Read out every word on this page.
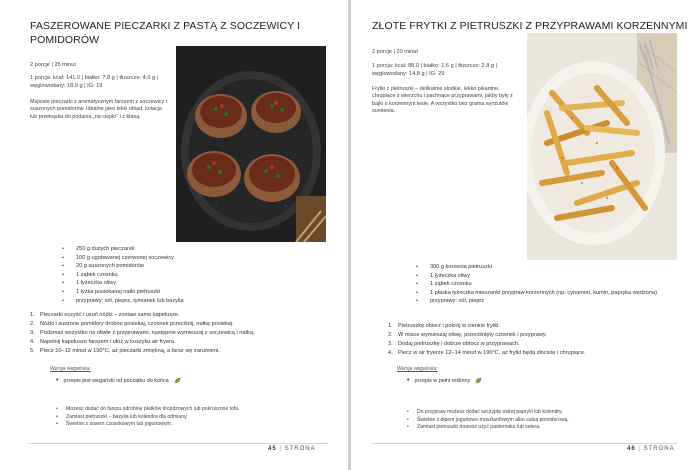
FASZEROWANE PIECZARKI Z PASTĄ Z SOCZEWICY I POMIDORÓW
2 porcje | 25 minut
1 porcja: kcal: 141.0 | białko: 7.8 g | tłuszcze: 4.0 g | węglowodany: 18.9 g | IG: 19
Mięsiste pieczarki z aromatycznym farszem z soczewicy i suszonych pomidorów. Idealne jako lekki obiad, kolacja lub przekąska do podania „na ciepło” i z klasą.
• 250 g dużych pieczarek
• 100 g ugotowanej czerwonej soczewicy
• 20 g suszonych pomidorów
• 1 ząbek czosnku
• 1 łyżeczka oliwy
• 1 łyżka posiekanej natki pietruszki
• przyprawy: sól, pieprz, tymianek lub bazylia
1. Pieczarki oczyść i usuń nóżki – zostaw same kapelusze.
2. Nóżki i suszone pomidory drobno posiekaj, czosnek przeciśnij, natkę posiekaj.
3. Podsmaż wszystko na oliwie z przyprawami, następnie wymieszaj z soczewicą i natką.
4. Napełnij kapelusze farszem i ułóż w koszyku air fryera.
5. Piecz 10–12 minut w 190°C, aż pieczarki zmiękną, a farsz się zarumieni.
Wersja wegańska:
• przepis jest wegański od początku do końca
• Możesz dodać do farszu odrobinę płatków drożdżowych lub pokruszone tofu.
• Zamiast pietruszki – bazylia lub kolendra dla odmiany.
• Świetne z sosem czosnkowym lub jogurtowym.
45 | STRONA
ZŁOTE FRYTKI Z PIETRUSZKI Z PRZYPRAWAMI KORZENNYMI
2 porcje | 20 minut
1 porcja: kcal: 88.0 | białko: 1.6 g | tłuszcze: 2.8 g | węglowodany: 14.8 g | IG: 29
Frytki z pietruszki – delikatnie słodkie, lekko pikantne, chrupiące z wierzchu i pachnące przyprawami, jakby były z bajki o korzennym lesie. A wszystko bez grama wyrzutów sumienia.
• 300 g korzenia pietruszki
• 1 łyżeczka oliwy
• 1 ząbek czosnku
• 1 płaska łyżeczka mieszanki przypraw korzennych (np. cynamon, kumin, papryka wędzona)
• przyprawy: sól, pieprz
1. Pietruszkę obierz i pokrój w cienkie frytki.
2. W misce wymieszaj oliwę, przeciśnięty czosnek i przyprawy.
3. Dodaj pietruszkę i dobrze obtocz w przyprawach.
4. Piecz w air fryerze 12–14 minut w 190°C, aż frytki będą złociste i chrupiące.
Wersja wegańska:
• przepis w pełni roślinny
• Do przypraw możesz dodać szczyptę ostrej papryki lub kolendry.
• Świetne z dipem jogurtowo-musztardowym albo salsą pomidorową.
• Zamiast pietruszki możesz użyć pasternaku lub selera.
46 | STRONA
